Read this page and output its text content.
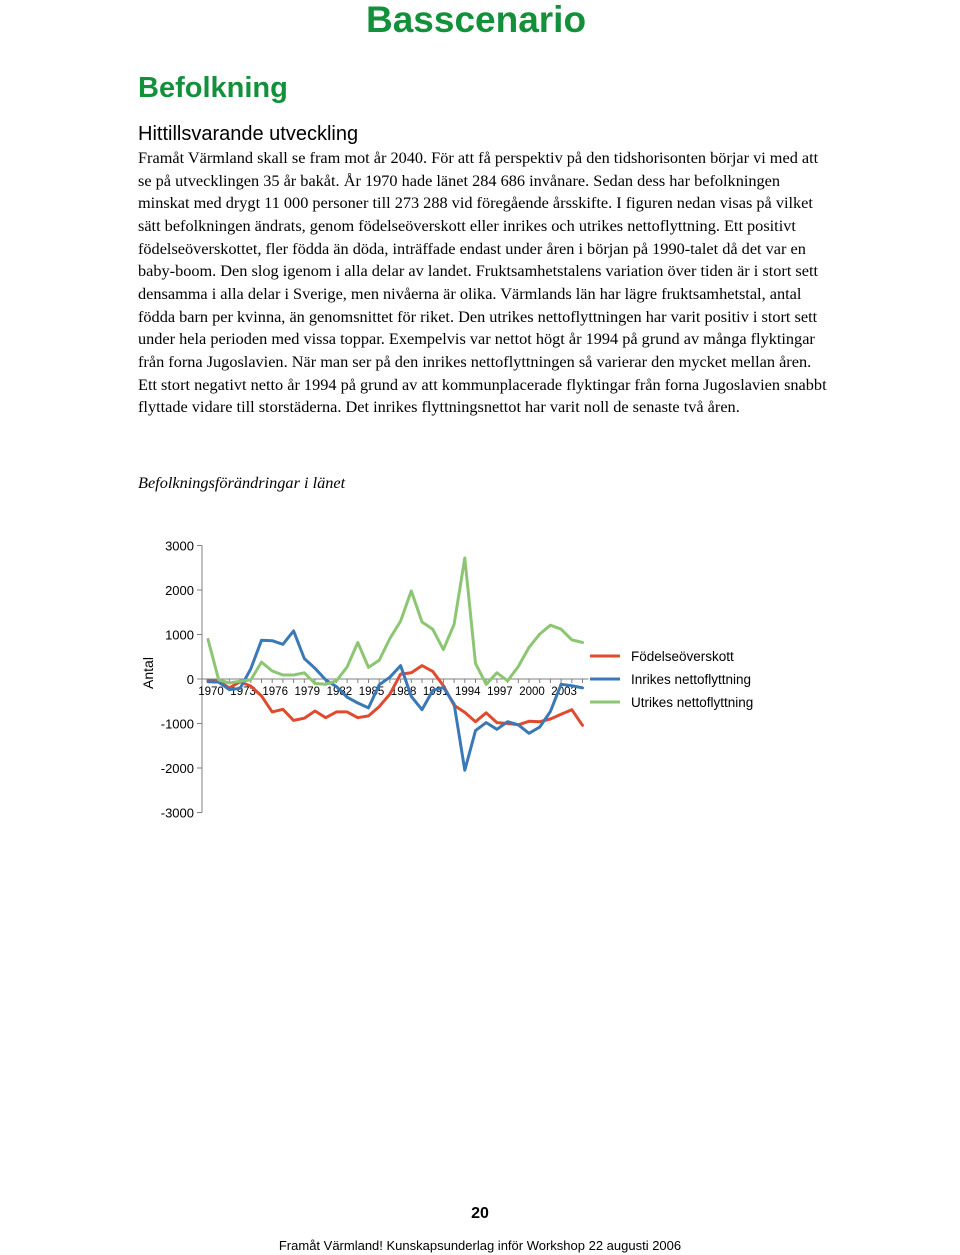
Basscenario
Befolkning
Hittillsvarande utveckling

Framåt Värmland skall se fram mot år 2040. För att få perspektiv på den tidshorisonten börjar vi med att se på utvecklingen 35 år bakåt. År 1970 hade länet 284 686 invånare. Sedan dess har befolkningen minskat med drygt 11 000 personer till 273 288 vid föregående årsskifte. I figuren nedan visas på vilket sätt befolkningen ändrats, genom födelseöverskott eller inrikes och utrikes nettoflyttning. Ett positivt födelseöverskottet, fler födda än döda, inträffade endast under åren i början på 1990-talet då det var en baby-boom. Den slog igenom i alla delar av landet. Fruktsamhetstalens variation över tiden är i stort sett densamma i alla delar i Sverige, men nivåerna är olika. Värmlands län har lägre fruktsamhetstal, antal födda barn per kvinna, än genomsnittet för riket. Den utrikes nettoflyttningen har varit positiv i stort sett under hela perioden med vissa toppar. Exempelvis var nettot högt år 1994 på grund av många flyktingar från forna Jugoslavien. När man ser på den inrikes nettoflyttningen så varierar den mycket mellan åren. Ett stort negativt netto år 1994 på grund av att kommunplacerade flyktingar från forna Jugoslavien snabbt flyttade vidare till storstäderna. Det inrikes flyttningsnettot har varit noll de senaste två åren.

Befolkningsförändringar i länet
3000
2000
1000
0
-1000
-2000
-3000
Antal
1970 1973 1976 1979 1982 1985 1988 1991 1994 1997 2000 2003
Födelseöverskott
Inrikes nettoflyttning
Utrikes nettoflyttning
20
Framåt Värmland! Kunskapsunderlag inför Workshop 22 augusti 2006
